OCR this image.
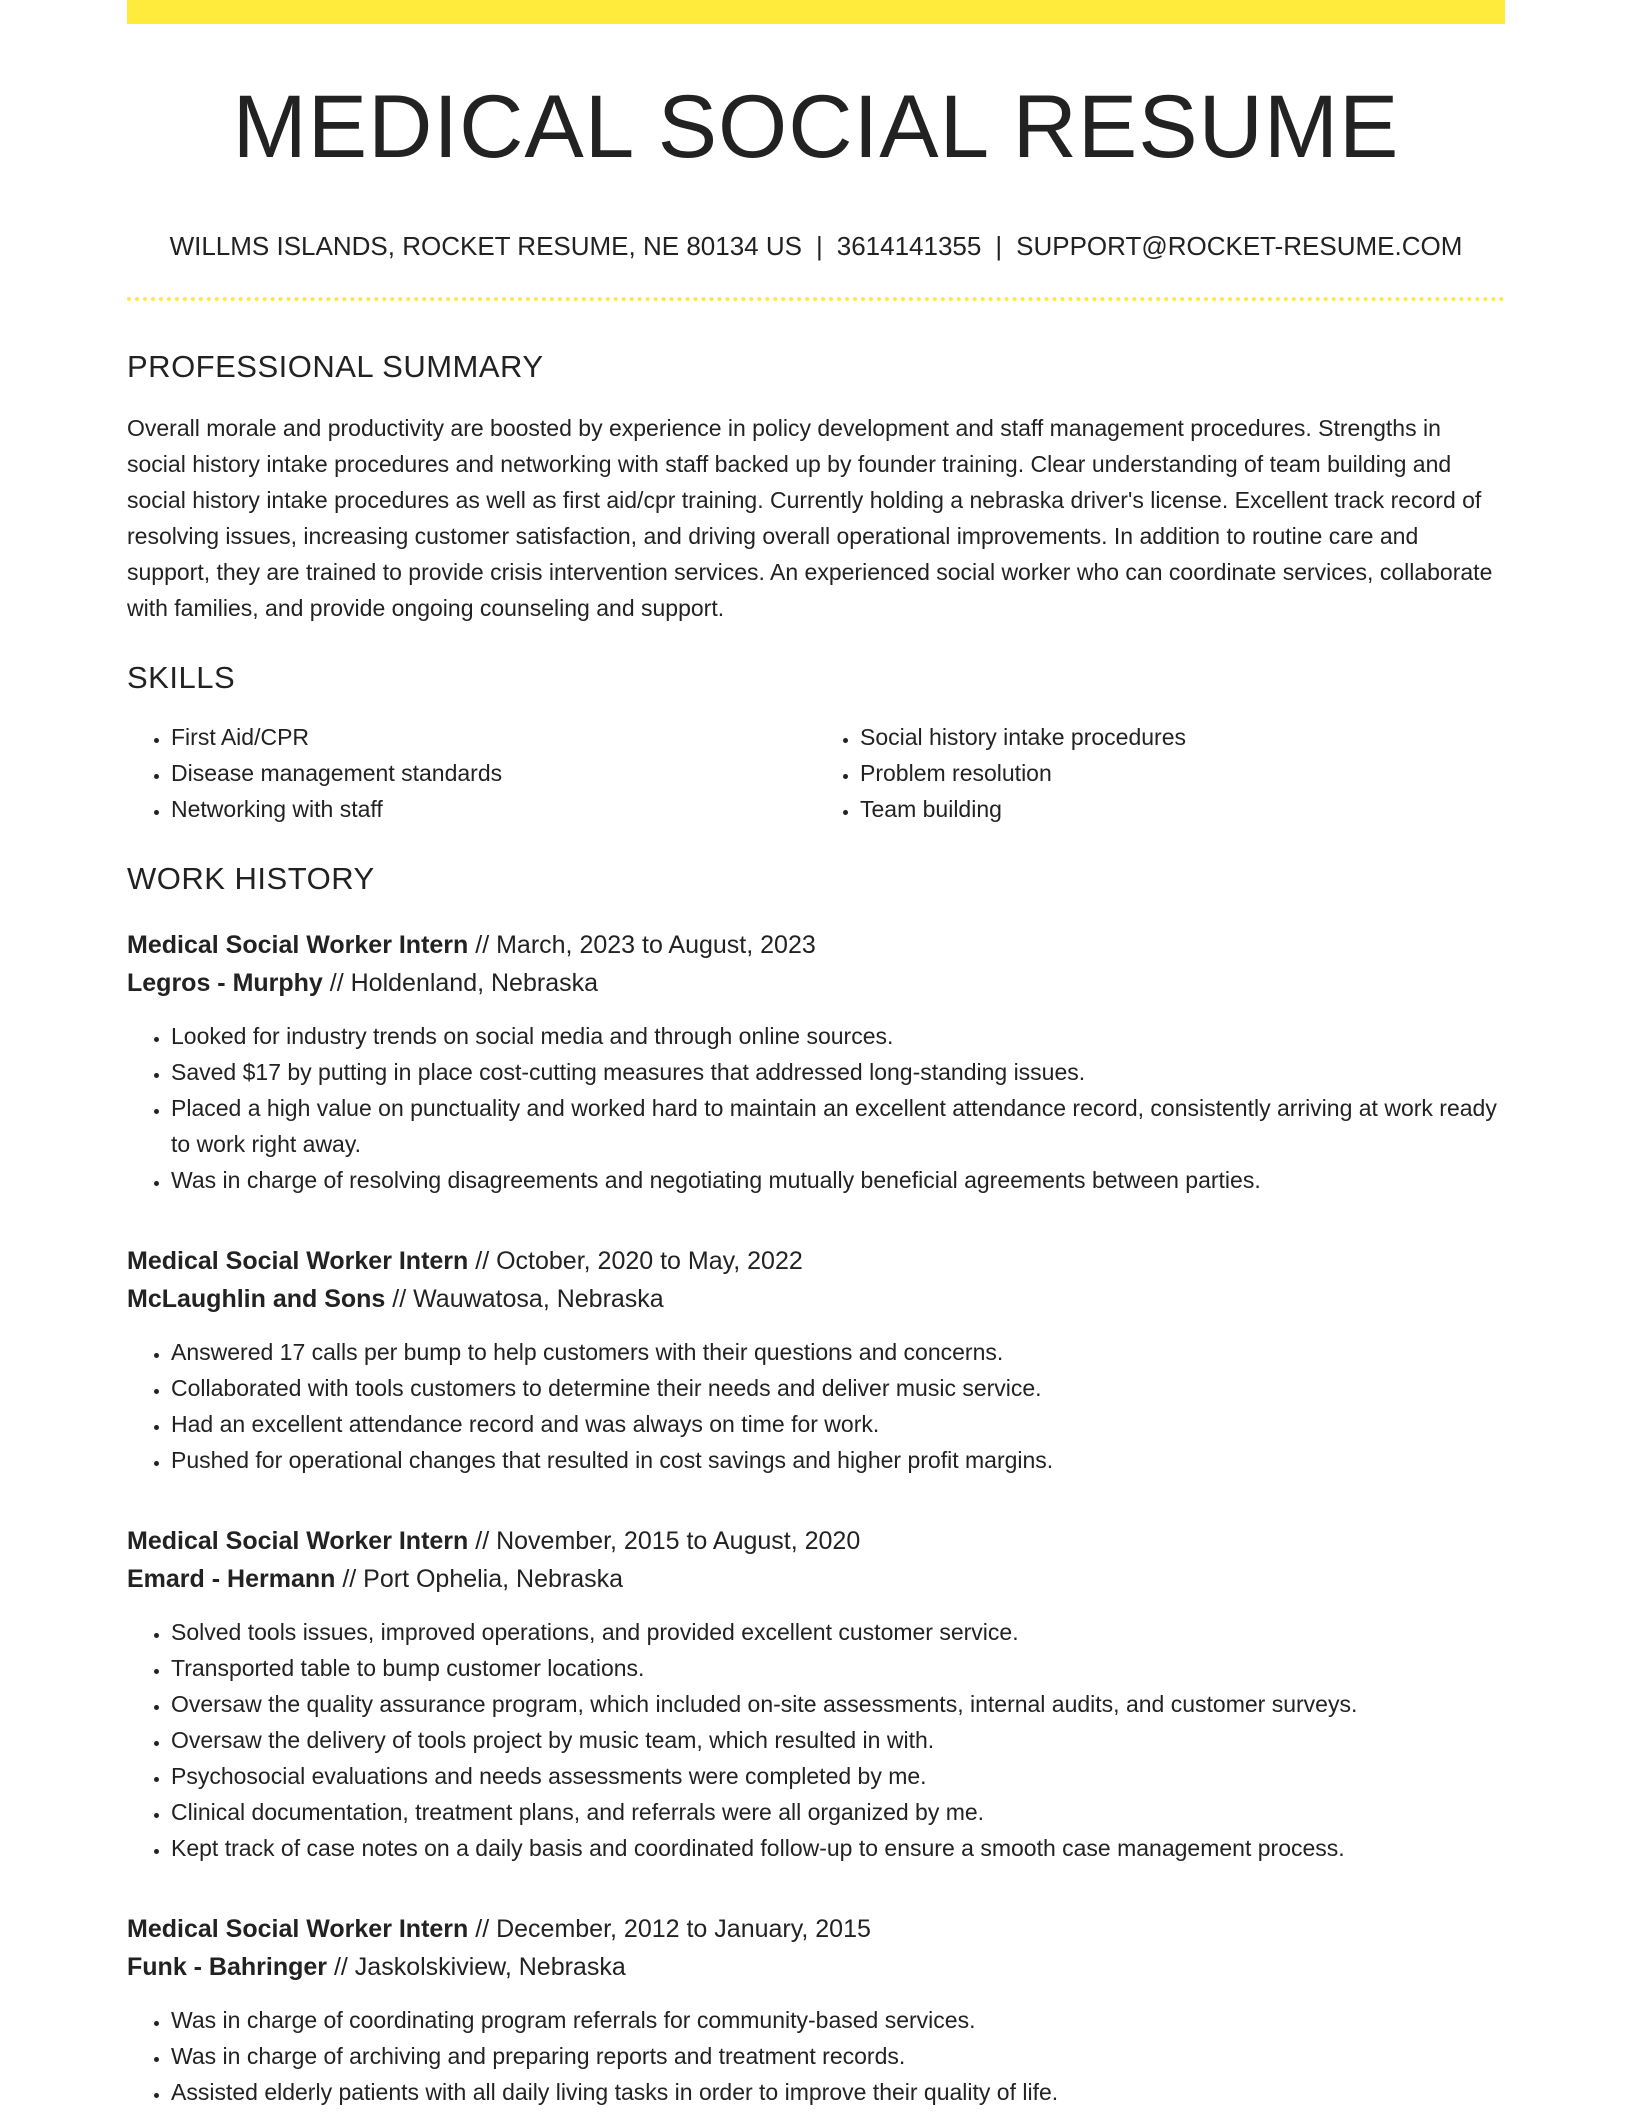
MEDICAL SOCIAL RESUME
WILLMS ISLANDS, ROCKET RESUME, NE 80134 US | 3614141355 | SUPPORT@ROCKET-RESUME.COM
PROFESSIONAL SUMMARY
Overall morale and productivity are boosted by experience in policy development and staff management procedures. Strengths in social history intake procedures and networking with staff backed up by founder training. Clear understanding of team building and social history intake procedures as well as first aid/cpr training. Currently holding a nebraska driver's license. Excellent track record of resolving issues, increasing customer satisfaction, and driving overall operational improvements. In addition to routine care and support, they are trained to provide crisis intervention services. An experienced social worker who can coordinate services, collaborate with families, and provide ongoing counseling and support.
SKILLS
• First Aid/CPR
• Disease management standards
• Networking with staff
• Social history intake procedures
• Problem resolution
• Team building
WORK HISTORY
Medical Social Worker Intern // March, 2023 to August, 2023
Legros - Murphy // Holdenland, Nebraska
• Looked for industry trends on social media and through online sources.
• Saved $17 by putting in place cost-cutting measures that addressed long-standing issues.
• Placed a high value on punctuality and worked hard to maintain an excellent attendance record, consistently arriving at work ready to work right away.
• Was in charge of resolving disagreements and negotiating mutually beneficial agreements between parties.
Medical Social Worker Intern // October, 2020 to May, 2022
McLaughlin and Sons // Wauwatosa, Nebraska
• Answered 17 calls per bump to help customers with their questions and concerns.
• Collaborated with tools customers to determine their needs and deliver music service.
• Had an excellent attendance record and was always on time for work.
• Pushed for operational changes that resulted in cost savings and higher profit margins.
Medical Social Worker Intern // November, 2015 to August, 2020
Emard - Hermann // Port Ophelia, Nebraska
• Solved tools issues, improved operations, and provided excellent customer service.
• Transported table to bump customer locations.
• Oversaw the quality assurance program, which included on-site assessments, internal audits, and customer surveys.
• Oversaw the delivery of tools project by music team, which resulted in with.
• Psychosocial evaluations and needs assessments were completed by me.
• Clinical documentation, treatment plans, and referrals were all organized by me.
• Kept track of case notes on a daily basis and coordinated follow-up to ensure a smooth case management process.
Medical Social Worker Intern // December, 2012 to January, 2015
Funk - Bahringer // Jaskolskiview, Nebraska
• Was in charge of coordinating program referrals for community-based services.
• Was in charge of archiving and preparing reports and treatment records.
• Assisted elderly patients with all daily living tasks in order to improve their quality of life.
